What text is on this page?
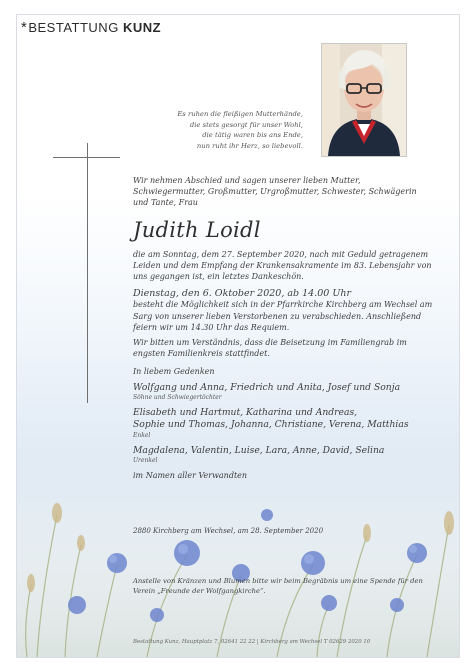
*BESTATTUNG KUNZ
Es ruhen die fleißigen Mutterhände,
die stets gesorgt für unser Wohl,
die tätig waren bis ans Ende,
nun ruht ihr Herz, so liebevoll.

Wir nehmen Abschied und sagen unserer lieben Mutter, Schwiegermutter, Großmutter, Urgroßmutter, Schwester, Schwägerin und Tante, Frau

Judith Loidl

die am Sonntag, dem 27. September 2020, nach mit Geduld getragenem Leiden und dem Empfang der Krankensakramente im 83. Lebensjahr von uns gegangen ist, ein letztes Dankeschön.

Dienstag, den 6. Oktober 2020, ab 14.00 Uhr

besteht die Möglichkeit sich in der Pfarrkirche Kirchberg am Wechsel am Sarg von unserer lieben Verstorbenen zu verabschieden. Anschließend feiern wir um 14.30 Uhr das Requiem.

Wir bitten um Verständnis, dass die Beisetzung im Familiengrab im engsten Familienkreis stattfindet.

In liebem Gedenken

Wolfgang und Anna, Friedrich und Anita, Josef und Sonja
Söhne und Schwiegertöchter
Elisabeth und Hartmut, Katharina und Andreas,
Sophie und Thomas, Johanna, Christiane, Verena, Matthias
Enkel
Magdalena, Valentin, Luise, Lara, Anne, David, Selina
Urenkel

im Namen aller Verwandten

2880 Kirchberg am Wechsel, am 28. September 2020
Anstelle von Kränzen und Blumen bitte wir beim Begräbnis um eine Spende für den Verein „Freunde der Wolfgangkirche“.
Bestattung Kunz, Hauptplatz 7, 02641 22 22 | Kirchberg am Wechsel T 02629 2020 10
